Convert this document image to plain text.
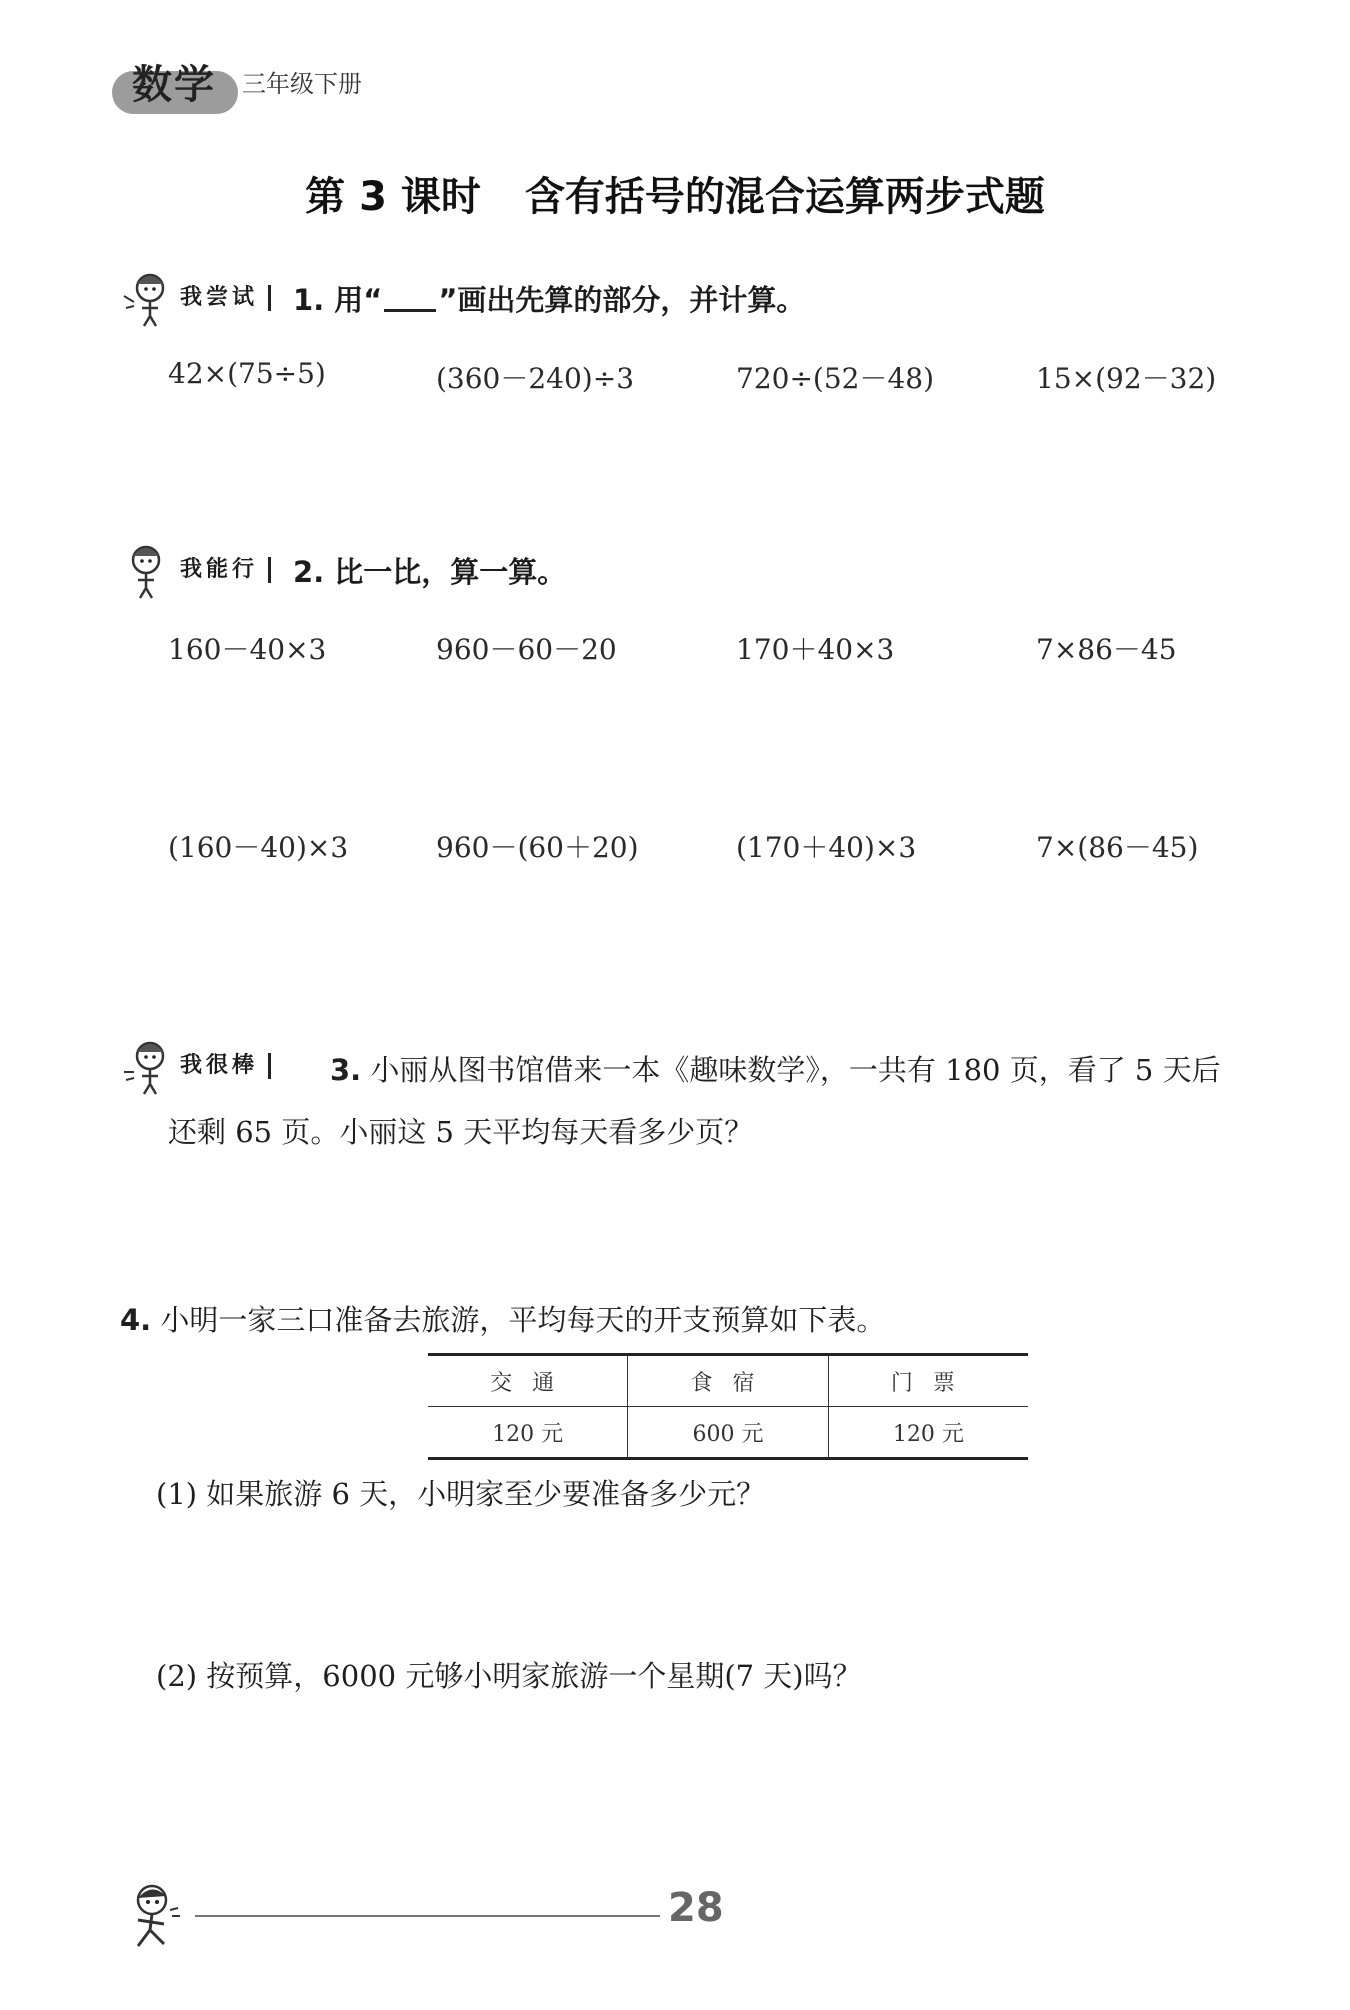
数学	三年级下册
第 3 课时 含有括号的混合运算两步式题
我尝试	1. 用“ ”画出先算的部分，并计算。
42×(75÷5)	(360－240)÷3	720÷(52－48)	15×(92－32)
我能行	2. 比一比，算一算。
160－40×3	960－60－20	170＋40×3	7×86－45
(160－40)×3	960－(60＋20)	(170＋40)×3	7×(86－45)
我很棒	3. 小丽从图书馆借来一本《趣味数学》，一共有 180 页，看了 5 天后
还剩 65 页。小丽这 5 天平均每天看多少页？
4. 小明一家三口准备去旅游，平均每天的开支预算如下表。
交通	食宿	门票
120 元	600 元	120 元
(1) 如果旅游 6 天，小明家至少要准备多少元？
(2) 按预算，6000 元够小明家旅游一个星期(7 天)吗？
28
